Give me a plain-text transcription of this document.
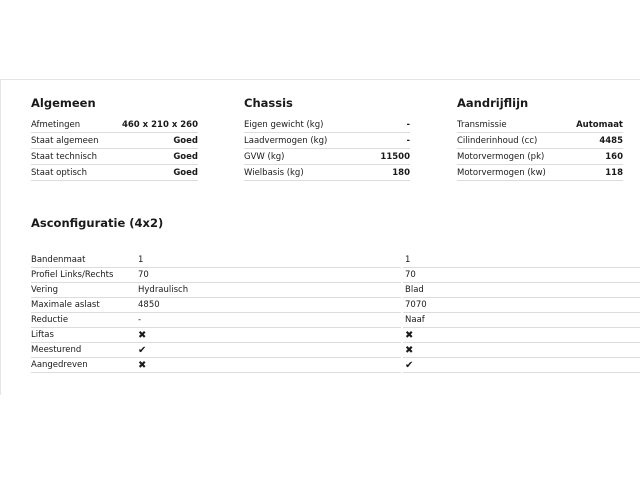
Algemeen
Afmetingen	460 x 210 x 260
Staat algemeen	Goed
Staat technisch	Goed
Staat optisch	Goed
Chassis
Eigen gewicht (kg)	-
Laadvermogen (kg)	-
GVW (kg)	11500
Wielbasis (kg)	180
Aandrijflijn
Transmissie	Automaat
Cilinderinhoud (cc)	4485
Motorvermogen (pk)	160
Motorvermogen (kw)	118
Asconfiguratie (4x2)
Bandenmaat	1	1
Profiel Links/Rechts	70	70
Vering	Hydraulisch	Blad
Maximale aslast	4850	7070
Reductie	-	Naaf
Liftas	✖	✖
Meesturend	✔	✖
Aangedreven	✖	✔
